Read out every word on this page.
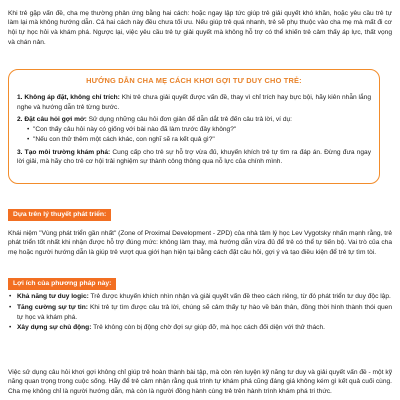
Khi trẻ gặp vấn đề, cha mẹ thường phản ứng bằng hai cách: hoặc ngay lập tức giúp trẻ giải quyết khó khăn, hoặc yêu cầu trẻ tự làm lại mà không hướng dẫn. Cả hai cách này đều chưa tối ưu. Nếu giúp trẻ quá nhanh, trẻ sẽ phụ thuộc vào cha mẹ mà mất đi cơ hội tự học hỏi và khám phá. Ngược lại, việc yêu cầu trẻ tự giải quyết mà không hỗ trợ có thể khiến trẻ cảm thấy áp lực, thất vọng và chán nản.

HƯỚNG DẪN CHA MẸ CÁCH KHƠI GỢI TƯ DUY CHO TRẺ:

1. Không áp đặt, không chỉ trích: Khi trẻ chưa giải quyết được vấn đề, thay vì chỉ trích hay bực bội, hãy kiên nhẫn lắng nghe và hướng dẫn trẻ từng bước.

2. Đặt câu hỏi gợi mở: Sử dụng những câu hỏi đơn giản để dẫn dắt trẻ đến câu trả lời, ví dụ:

•  "Con thấy câu hỏi này có giống với bài nào đã làm trước đây không?"

•  "Nếu con thử thêm một cách khác, con nghĩ sẽ ra kết quả gì?"

3. Tạo môi trường khám phá: Cung cấp cho trẻ sự hỗ trợ vừa đủ, khuyến khích trẻ tự tìm ra đáp án. Đừng đưa ngay lời giải, mà hãy cho trẻ cơ hội trải nghiệm sự thành công thông qua nỗ lực của chính mình.

Dựa trên lý thuyết phát triển:

Khái niệm "Vùng phát triển gần nhất" (Zone of Proximal Development - ZPD) của nhà tâm lý học Lev Vygotsky nhấn mạnh rằng, trẻ phát triển tốt nhất khi nhận được hỗ trợ đúng mức: không làm thay, mà hướng dẫn vừa đủ để trẻ có thể tự tiến bộ. Vai trò của cha mẹ hoặc người hướng dẫn là giúp trẻ vượt qua giới hạn hiện tại bằng cách đặt câu hỏi, gợi ý và tạo điều kiện để trẻ tự tìm tòi.

Lợi ích của phương pháp này:
• Khả năng tư duy logic: Trẻ được khuyến khích nhìn nhận và giải quyết vấn đề theo cách riêng, từ đó phát triển tư duy độc lập.
• Tăng cường sự tự tin: Khi trẻ tự tìm được câu trả lời, chúng sẽ cảm thấy tự hào về bản thân, đồng thời hình thành thói quen tự học và khám phá.
• Xây dựng sự chủ động: Trẻ không còn bị động chờ đợi sự giúp đỡ, mà học cách đối diện với thử thách.

Việc sử dụng câu hỏi khơi gợi không chỉ giúp trẻ hoàn thành bài tập, mà còn rèn luyện kỹ năng tư duy và giải quyết vấn đề - một kỹ năng quan trọng trong cuộc sống. Hãy để trẻ cảm nhận rằng quá trình tự khám phá cũng đáng giá không kém gì kết quả cuối cùng. Cha mẹ không chỉ là người hướng dẫn, mà còn là người đồng hành cùng trẻ trên hành trình khám phá tri thức.
